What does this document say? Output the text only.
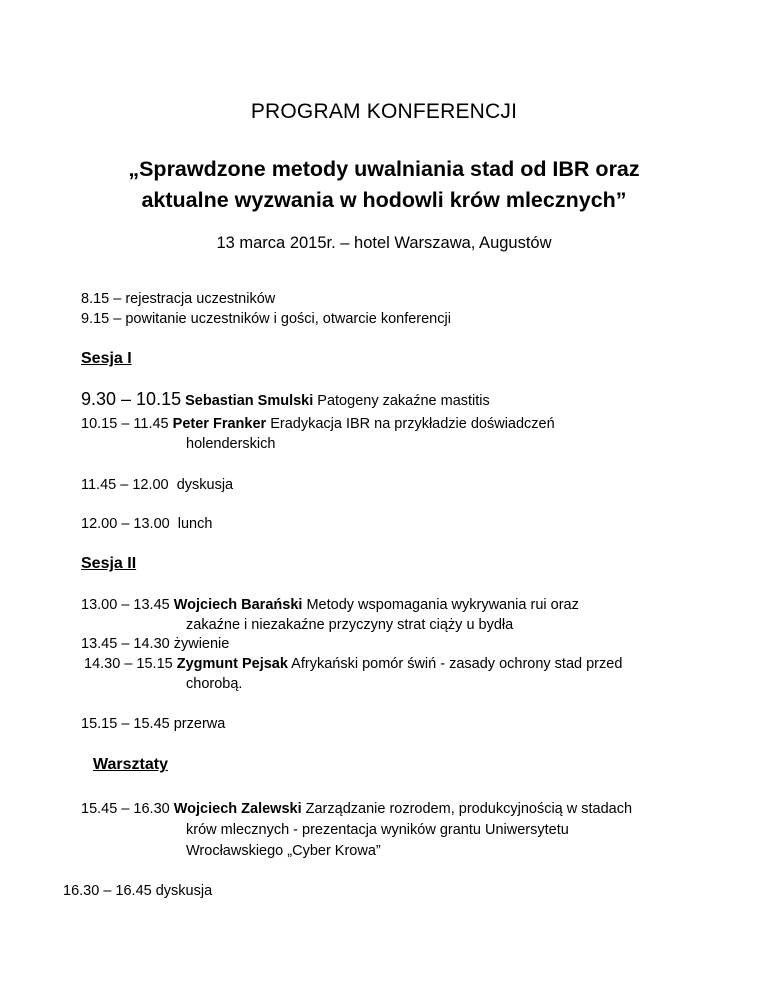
PROGRAM KONFERENCJI
„Sprawdzone metody uwalniania stad od IBR oraz
aktualne wyzwania w hodowli krów mlecznych”
13 marca 2015r. – hotel Warszawa, Augustów
8.15 – rejestracja uczestników
9.15 – powitanie uczestników i gości, otwarcie konferencji
Sesja I
9.30 – 10.15 Sebastian Smulski Patogeny zakaźne mastitis
10.15 – 11.45 Peter Franker Eradykacja IBR na przykładzie doświadczeń
holenderskich
11.45 – 12.00 dyskusja
12.00 – 13.00 lunch
Sesja II
13.00 – 13.45 Wojciech Barański Metody wspomagania wykrywania rui oraz
zakaźne i niezakaźne przyczyny strat ciąży u bydła
13.45 – 14.30 żywienie
14.30 – 15.15 Zygmunt Pejsak Afrykański pomór świń - zasady ochrony stad przed
chorobą.
15.15 – 15.45 przerwa
Warsztaty
15.45 – 16.30 Wojciech Zalewski Zarządzanie rozrodem, produkcyjnością w stadach
krów mlecznych - prezentacja wyników grantu Uniwersytetu
Wrocławskiego „Cyber Krowa”
16.30 – 16.45 dyskusja
